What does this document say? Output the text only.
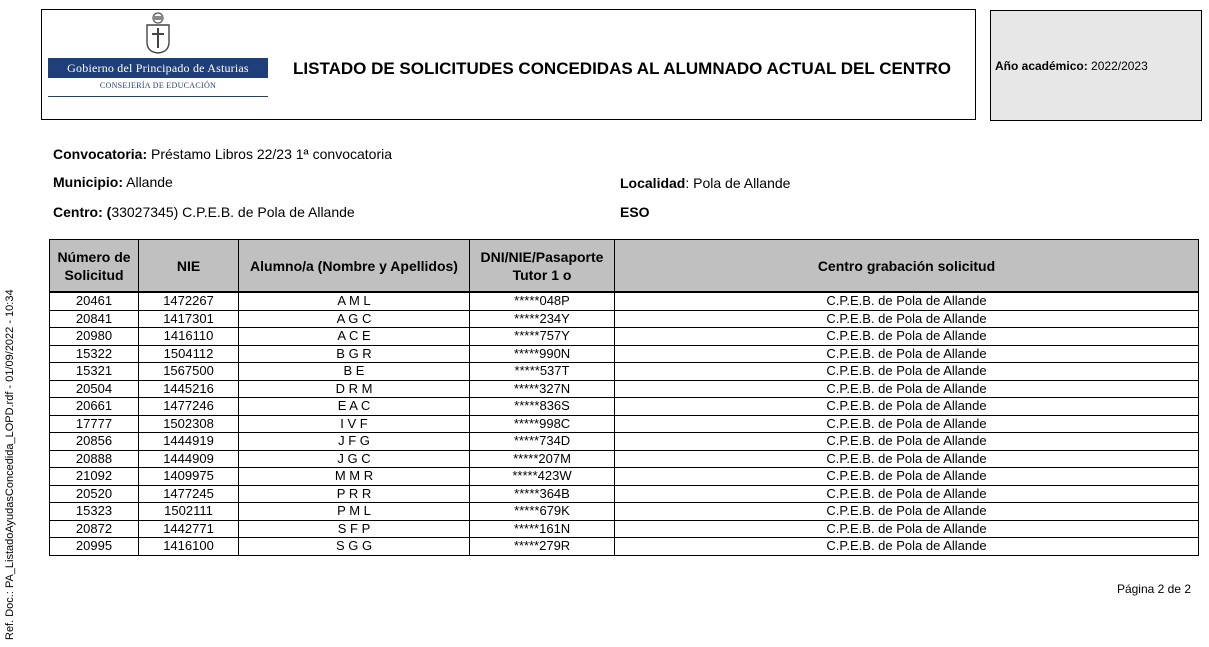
Gobierno del Principado de Asturias
CONSEJERÍA DE EDUCACIÓN
LISTADO DE SOLICITUDES CONCEDIDAS AL ALUMNADO ACTUAL DEL CENTRO	Año académico: 2022/2023
Convocatoria: Préstamo Libros 22/23 1ª convocatoria
Municipio: Allande	Localidad: Pola de Allande
Centro: (33027345) C.P.E.B. de Pola de Allande	ESO
Número de Solicitud	NIE	Alumno/a (Nombre y Apellidos)	DNI/NIE/Pasaporte Tutor 1 o	Centro grabación solicitud
20461	1472267	A M L	*****048P	C.P.E.B. de Pola de Allande
20841	1417301	A G C	*****234Y	C.P.E.B. de Pola de Allande
20980	1416110	A C E	*****757Y	C.P.E.B. de Pola de Allande
15322	1504112	B G R	*****990N	C.P.E.B. de Pola de Allande
15321	1567500	B E	*****537T	C.P.E.B. de Pola de Allande
20504	1445216	D R M	*****327N	C.P.E.B. de Pola de Allande
20661	1477246	E A C	*****836S	C.P.E.B. de Pola de Allande
17777	1502308	I V F	*****998C	C.P.E.B. de Pola de Allande
20856	1444919	J F G	*****734D	C.P.E.B. de Pola de Allande
20888	1444909	J G C	*****207M	C.P.E.B. de Pola de Allande
21092	1409975	M M R	*****423W	C.P.E.B. de Pola de Allande
20520	1477245	P R R	*****364B	C.P.E.B. de Pola de Allande
15323	1502111	P M L	*****679K	C.P.E.B. de Pola de Allande
20872	1442771	S F P	*****161N	C.P.E.B. de Pola de Allande
20995	1416100	S G G	*****279R	C.P.E.B. de Pola de Allande
Página 2 de 2
Ref. Doc.: PA_ListadoAyudasConcedida_LOPD.rdf - 01/09/2022 - 10:34
